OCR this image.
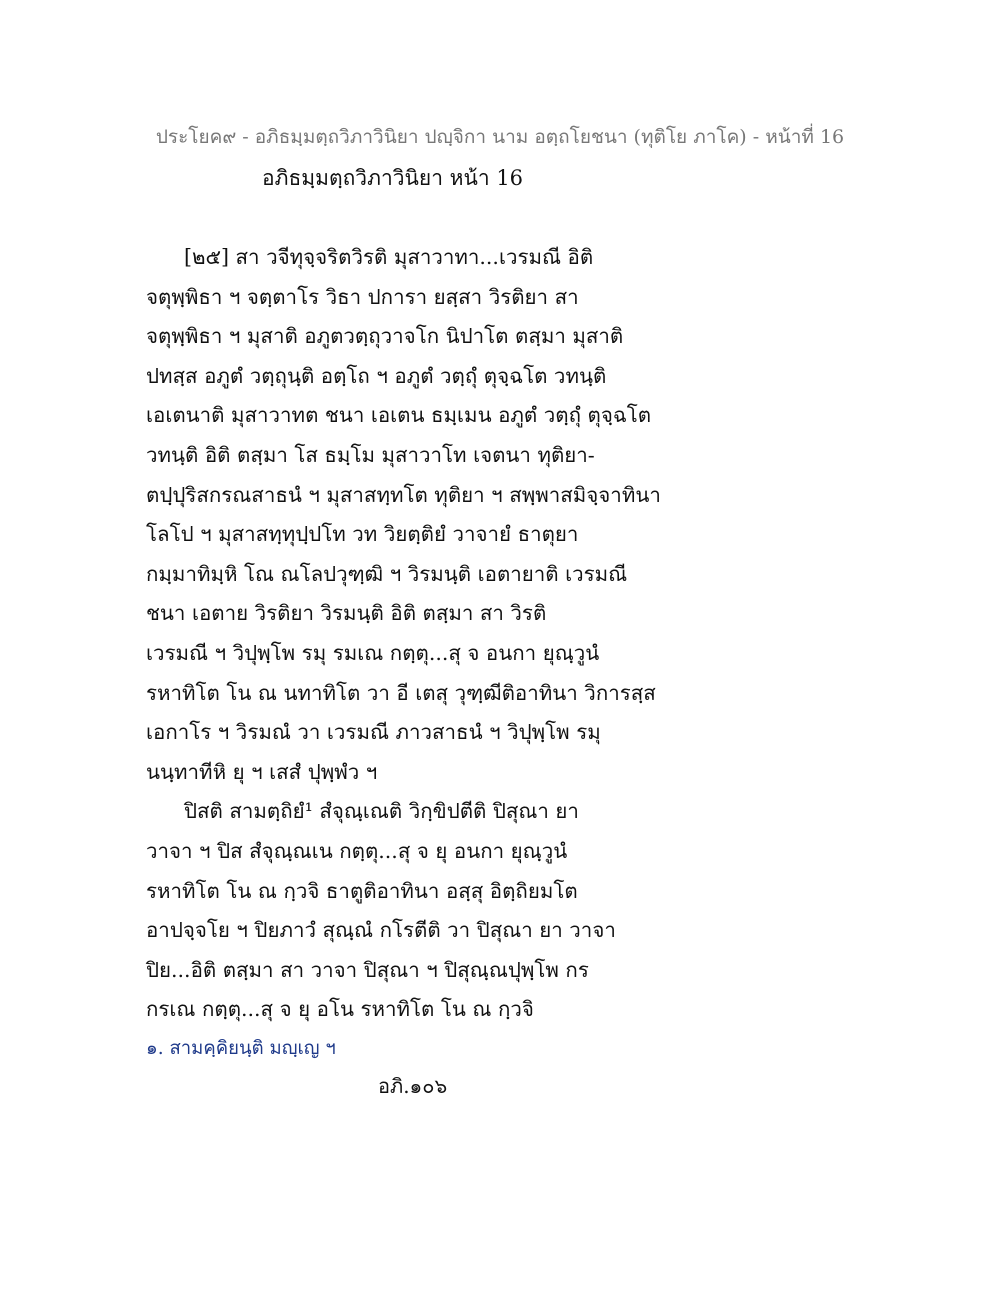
ประโยค๙ - อภิธมฺมตฺถวิภาวินิยา ปญฺจิกา นาม อตฺถโยชนา (ทุติโย ภาโค) - หน้าที่ 16
อภิธมฺมตฺถวิภาวินิยา หน้า 16
[๒๕] สา วจีทุจฺจริตวิรติ มุสาวาทา...เวรมณี อิติ
จตุพฺพิธา ฯ จตฺตาโร วิธา ปการา ยสฺสา วิรติยา สา
จตุพฺพิธา ฯ มุสาติ อภูตวตฺถุวาจโก นิปาโต ตสฺมา มุสาติ
ปทสฺส อภูตํ วตฺถุนฺติ อตฺโถ ฯ อภูตํ วตฺถุํ ตุจฺฉโต วทนฺติ
เอเตนาติ มุสาวาทต ชนา เอเตน ธมฺเมน อภูตํ วตฺถุํ ตุจฺฉโต
วทนฺติ อิติ ตสฺมา โส ธมฺโม มุสาวาโท เจตนา ทุติยา-
ตปฺปุริสกรณสาธนํ ฯ มุสาสทฺทโต ทุติยา ฯ สพฺพาสมิจฺจาทินา
โลโป ฯ มุสาสทฺทุปฺปโท วท วิยตฺติยํ วาจายํ ธาตุยา
กมฺมาทิมฺหิ โณ ณโลปวุฑฺฒิ ฯ วิรมนฺติ เอตายาติ เวรมณี
ชนา เอตาย วิรติยา วิรมนฺติ อิติ ตสฺมา สา วิรติ
เวรมณี ฯ วิปุพฺโพ รมุ รมเณ กตฺตุ...สุ จ อนกา ยุณฺวูนํ
รหาทิโต โน ณ นทาทิโต วา อี เตสุ วุฑฺฒีติอาทินา วิการสฺส
เอกาโร ฯ วิรมณํ วา เวรมณี ภาวสาธนํ ฯ วิปุพฺโพ รมุ
นนฺทาทีหิ ยุ ฯ เสสํ ปุพฺพํว ฯ
ปิสติ สามตฺถิยํ¹ สํจุณฺเณติ วิกฺขิปตีติ ปิสุณา ยา
วาจา ฯ ปิส สํจุณฺณเน กตฺตุ...สุ จ ยุ อนกา ยุณฺวูนํ
รหาทิโต โน ณ กฺวจิ ธาตูติอาทินา อสฺสุ อิตฺถิยมโต
อาปจฺจโย ฯ ปิยภาวํ สุณฺณํ กโรตีติ วา ปิสุณา ยา วาจา
ปิย...อิติ ตสฺมา สา วาจา ปิสุณา ฯ ปิสุณฺณปุพฺโพ กร
กรเณ กตฺตุ...สุ จ ยุ อโน รหาทิโต โน ณ กฺวจิ
๑. สามคฺคิยนฺติ มญฺเญ ฯ
อภิ.๑๐๖
